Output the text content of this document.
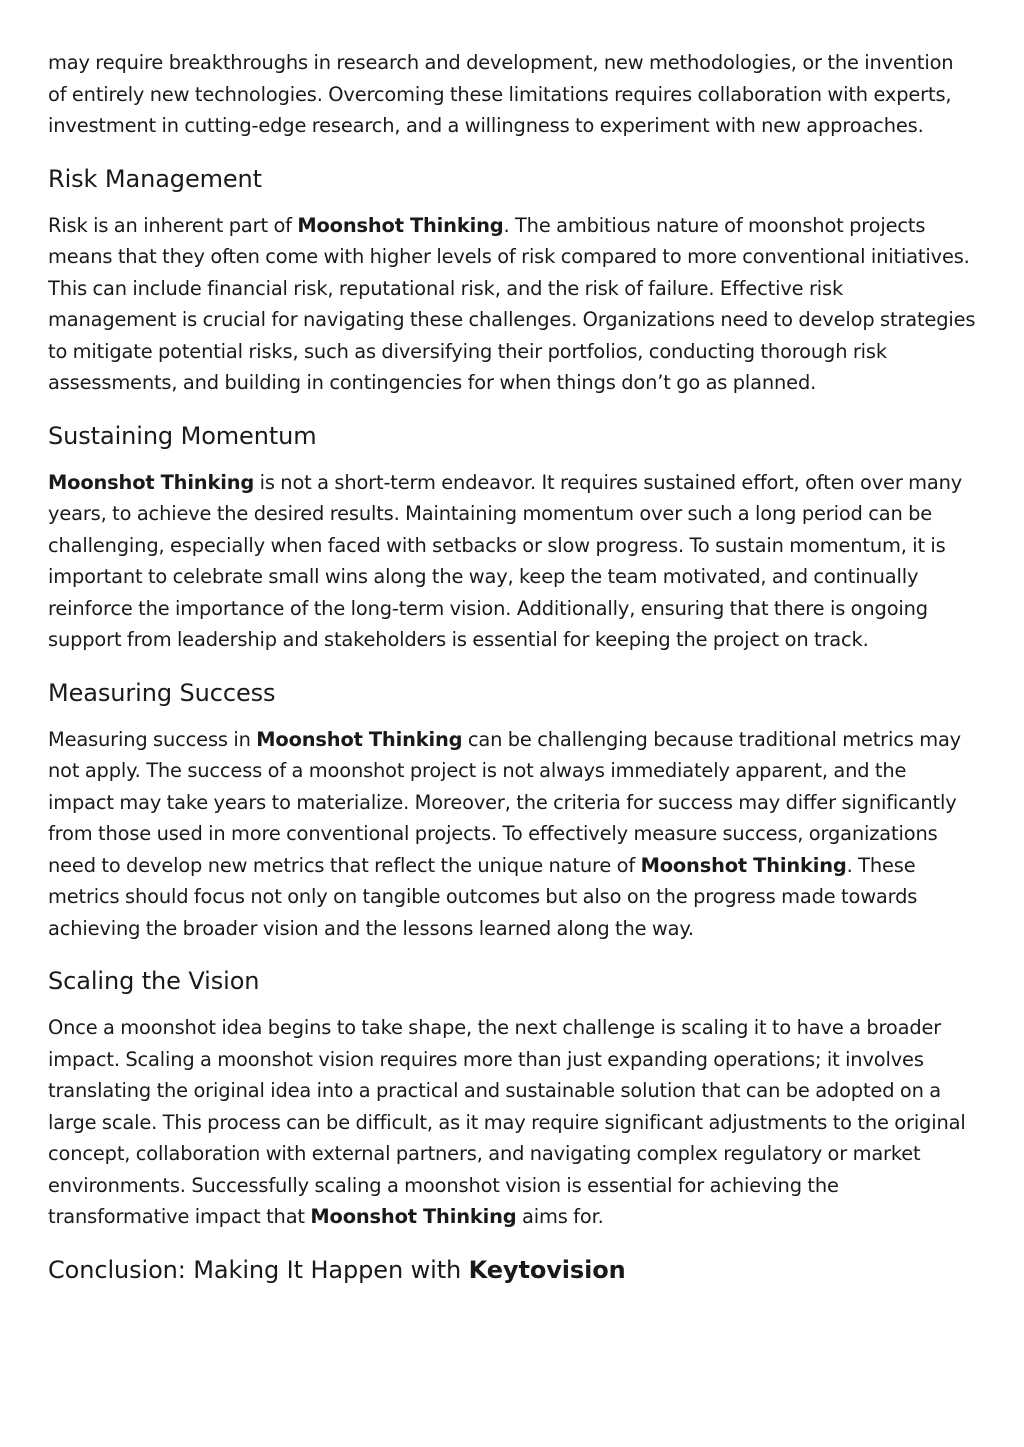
may require breakthroughs in research and development, new methodologies, or the invention of entirely new technologies. Overcoming these limitations requires collaboration with experts, investment in cutting-edge research, and a willingness to experiment with new approaches.

Risk Management

Risk is an inherent part of Moonshot Thinking. The ambitious nature of moonshot projects means that they often come with higher levels of risk compared to more conventional initiatives. This can include financial risk, reputational risk, and the risk of failure. Effective risk management is crucial for navigating these challenges. Organizations need to develop strategies to mitigate potential risks, such as diversifying their portfolios, conducting thorough risk assessments, and building in contingencies for when things don’t go as planned.

Sustaining Momentum

Moonshot Thinking is not a short-term endeavor. It requires sustained effort, often over many years, to achieve the desired results. Maintaining momentum over such a long period can be challenging, especially when faced with setbacks or slow progress. To sustain momentum, it is important to celebrate small wins along the way, keep the team motivated, and continually reinforce the importance of the long-term vision. Additionally, ensuring that there is ongoing support from leadership and stakeholders is essential for keeping the project on track.

Measuring Success

Measuring success in Moonshot Thinking can be challenging because traditional metrics may not apply. The success of a moonshot project is not always immediately apparent, and the impact may take years to materialize. Moreover, the criteria for success may differ significantly from those used in more conventional projects. To effectively measure success, organizations need to develop new metrics that reflect the unique nature of Moonshot Thinking. These metrics should focus not only on tangible outcomes but also on the progress made towards achieving the broader vision and the lessons learned along the way.

Scaling the Vision

Once a moonshot idea begins to take shape, the next challenge is scaling it to have a broader impact. Scaling a moonshot vision requires more than just expanding operations; it involves translating the original idea into a practical and sustainable solution that can be adopted on a large scale. This process can be difficult, as it may require significant adjustments to the original concept, collaboration with external partners, and navigating complex regulatory or market environments. Successfully scaling a moonshot vision is essential for achieving the transformative impact that Moonshot Thinking aims for.

Conclusion: Making It Happen with Keytovision
